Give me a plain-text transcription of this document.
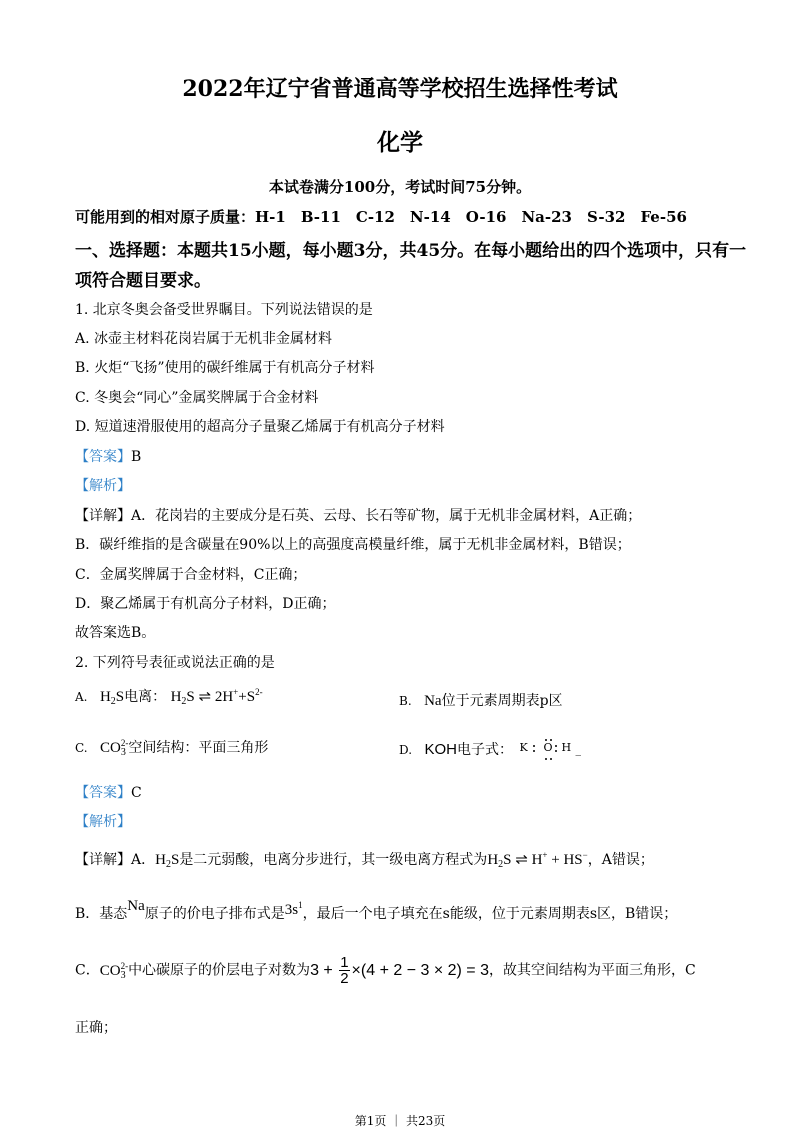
2022年辽宁省普通高等学校招生选择性考试
化学
本试卷满分100分，考试时间75分钟。
可能用到的相对原子质量：H-1　B-11　C-12　N-14　O-16　Na-23　S-32　Fe-56
一、选择题：本题共15小题，每小题3分，共45分。在每小题给出的四个选项中，只有一
项符合题目要求。
1. 北京冬奥会备受世界瞩目。下列说法错误的是
A. 冰壶主材料花岗岩属于无机非金属材料
B. 火炬“飞扬”使用的碳纤维属于有机高分子材料
C. 冬奥会“同心”金属奖牌属于合金材料
D. 短道速滑服使用的超高分子量聚乙烯属于有机高分子材料
【答案】B
【解析】
【详解】A．花岗岩的主要成分是石英、云母、长石等矿物，属于无机非金属材料，A正确；
B．碳纤维指的是含碳量在90%以上的高强度高模量纤维，属于无机非金属材料，B错误；
C．金属奖牌属于合金材料，C正确；
D．聚乙烯属于有机高分子材料，D正确；
故答案选B。
2. 下列符号表征或说法正确的是
A. $H_2S$电离： $H_2S$ ⇌ $2H^++S^{2-}$
B. Na位于元素周期表p区
C. $CO_3^{2-}$空间结构：平面三角形	D. KOH电子式： K O H _
【答案】C
【解析】
【详解】A．$H_2S$是二元弱酸，电离分步进行，其一级电离方程式为$H_2S$ ⇌ H+ + HS−，A错误；
B．基态Na原子的价电子排布式是$3s^1$，最后一个电子填充在s能级，位于元素周期表s区，B错误；
C．$CO_3^{2-}$中心碳原子的价层电子对数为$3 + \frac{1}{2} \times(4 + 2 - 3 \times 2) = 3$，故其空间结构为平面三角形，C
正确；
第1页 ｜ 共23页
